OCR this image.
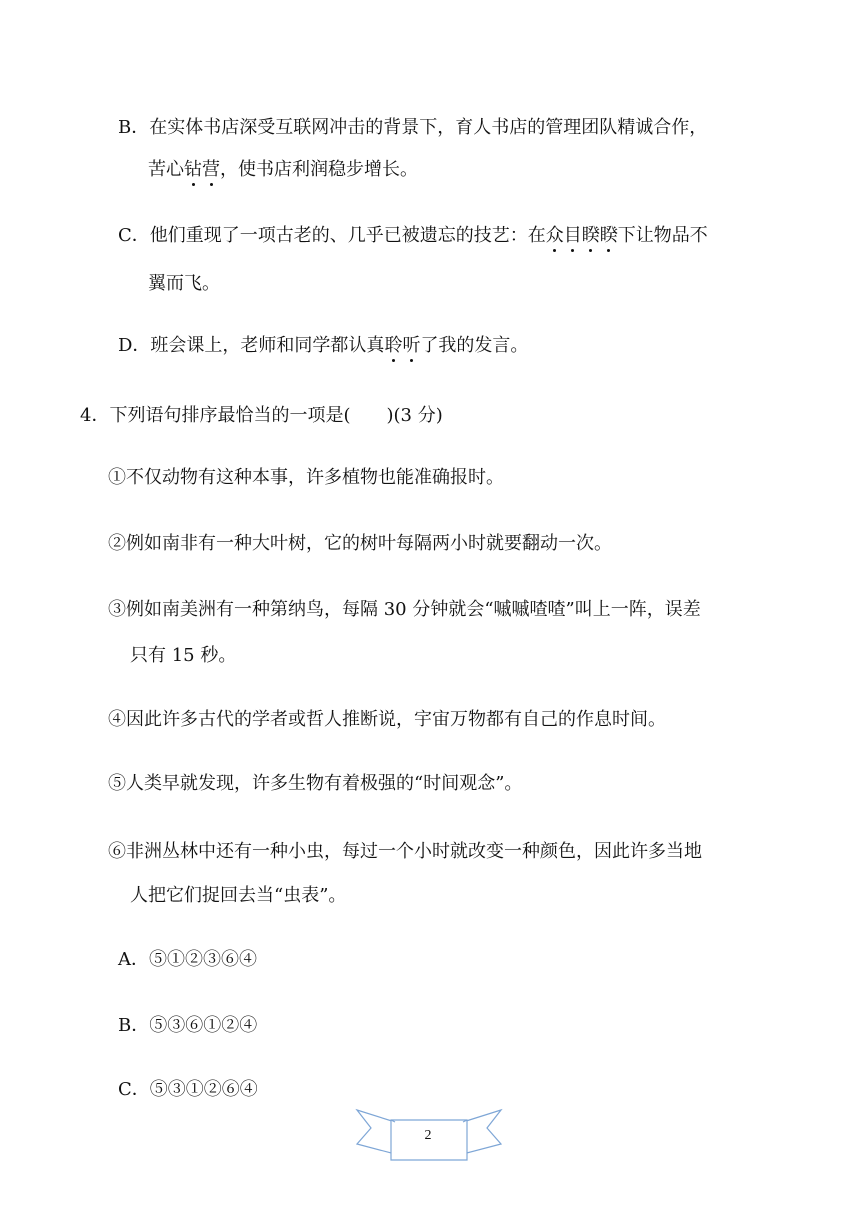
B．在实体书店深受互联网冲击的背景下，育人书店的管理团队精诚合作，
苦心钻营，使书店利润稳步增长。
C．他们重现了一项古老的、几乎已被遗忘的技艺：在众目睽睽下让物品不
翼而飞。
D．班会课上，老师和同学都认真聆听了我的发言。
4．下列语句排序最恰当的一项是(　　)(3 分)
①不仅动物有这种本事，许多植物也能准确报时。
②例如南非有一种大叶树，它的树叶每隔两小时就要翻动一次。
③例如南美洲有一种第纳鸟，每隔 30 分钟就会“嘁嘁喳喳”叫上一阵，误差
只有 15 秒。
④因此许多古代的学者或哲人推断说，宇宙万物都有自己的作息时间。
⑤人类早就发现，许多生物有着极强的“时间观念”。
⑥非洲丛林中还有一种小虫，每过一个小时就改变一种颜色，因此许多当地
人把它们捉回去当“虫表”。
A．⑤①②③⑥④
B．⑤③⑥①②④
C．⑤③①②⑥④
2
